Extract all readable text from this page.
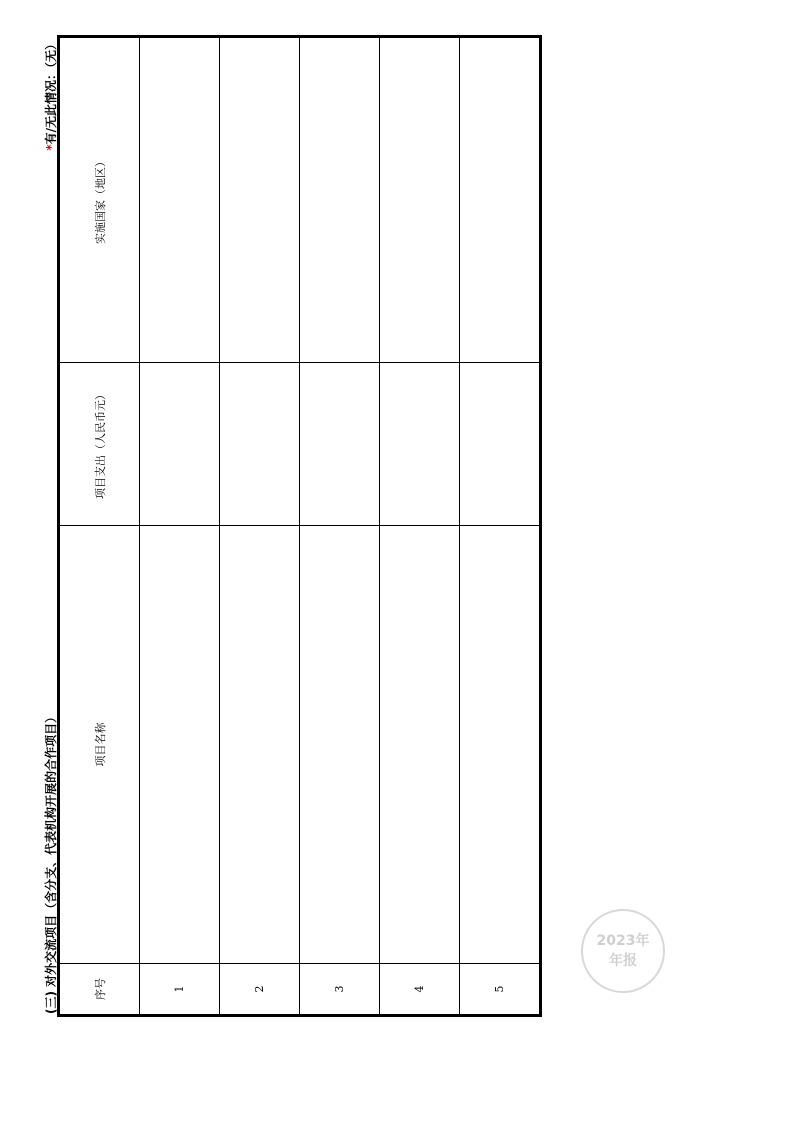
(三) 对外交流项目（含分支、代表机构开展的合作项目）
*有/无此情况：（无）
序号	项目名称	项目支出（人民币元）	实施国家（地区）
1			
2			
3			
4			
5			
2023年
年报
